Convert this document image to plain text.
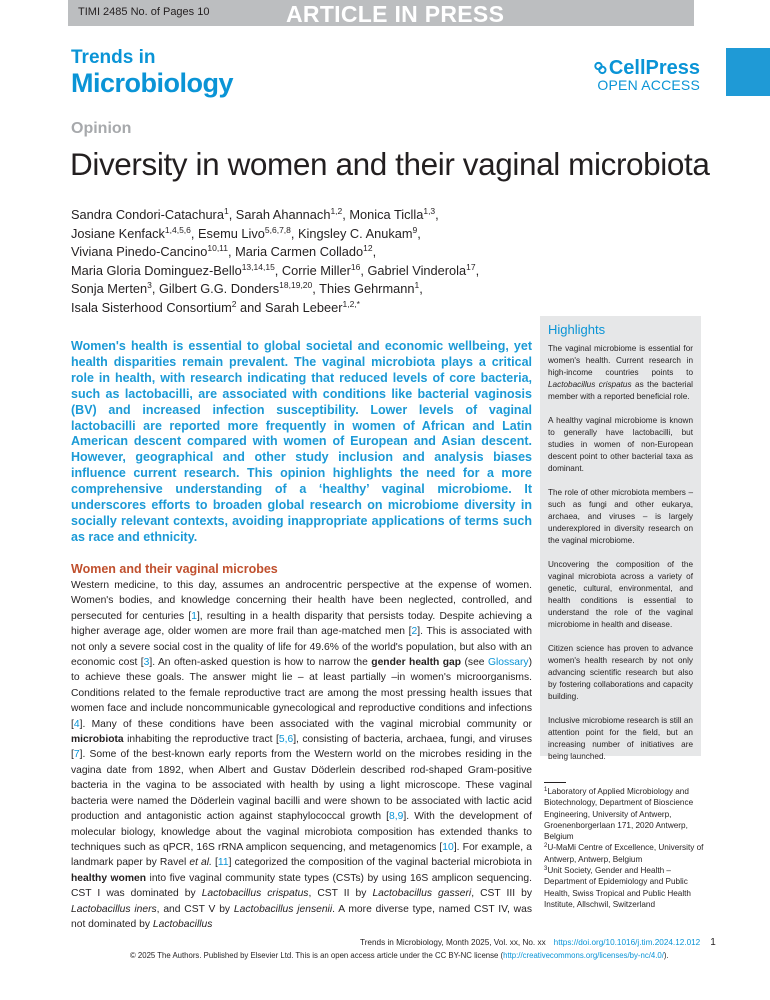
TIMI 2485 No. of Pages 10	ARTICLE IN PRESS
Trends in
Microbiology	CellPress
OPEN ACCESS
Opinion
Diversity in women and their vaginal microbiota
Sandra Condori-Catachura$^1$, Sarah Ahannach$^{1,2}$, Monica Ticlla$^{1,3}$,
Josiane Kenfack$^{1,4,5,6}$, Esemu Livo$^{5,6,7,8}$, Kingsley C. Anukam$^9$,
Viviana Pinedo-Cancino$^{10,11}$, Maria Carmen Collado$^{12}$,
Maria Gloria Dominguez-Bello$^{13,14,15}$, Corrie Miller$^{16}$, Gabriel Vinderola$^{17}$,
Sonja Merten$^3$, Gilbert G.G. Donders$^{18,19,20}$, Thies Gehrmann$^1$,
Isala Sisterhood Consortium$^2$ and Sarah Lebeer$^{1,2,*}$
Women's health is essential to global societal and economic wellbeing, yet health disparities remain prevalent. The vaginal microbiota plays a critical role in health, with research indicating that reduced levels of core bacteria, such as lactobacilli, are associated with conditions like bacterial vaginosis (BV) and increased infection susceptibility. Lower levels of vaginal lactobacilli are reported more frequently in women of African and Latin American descent compared with women of European and Asian descent. However, geographical and other study inclusion and analysis biases influence current research. This opinion highlights the need for a more comprehensive understanding of a ‘healthy’ vaginal microbiome. It underscores efforts to broaden global research on microbiome diversity in socially relevant contexts, avoiding inappropriate applications of terms such as race and ethnicity.
Highlights

The vaginal microbiome is essential for women's health. Current research in high-income countries points to Lactobacillus crispatus as the bacterial member with a reported beneficial role.

A healthy vaginal microbiome is known to generally have lactobacilli, but studies in women of non-European descent point to other bacterial taxa as dominant.

The role of other microbiota members – such as fungi and other eukarya, archaea, and viruses – is largely underexplored in diversity research on the vaginal microbiome.

Uncovering the composition of the vaginal microbiota across a variety of genetic, cultural, environmental, and health conditions is essential to understand the role of the vaginal microbiome in health and disease.

Citizen science has proven to advance women's health research by not only advancing scientific research but also by fostering collaborations and capacity building.

Inclusive microbiome research is still an attention point for the field, but an increasing number of initiatives are being launched.

Women and their vaginal microbes
Western medicine, to this day, assumes an androcentric perspective at the expense of women. Women's bodies, and knowledge concerning their health have been neglected, controlled, and persecuted for centuries [1], resulting in a health disparity that persists today. Despite achieving a higher average age, older women are more frail than age-matched men [2]. This is associated with not only a severe social cost in the quality of life for 49.6% of the world's population, but also with an economic cost [3]. An often-asked question is how to narrow the gender health gap (see Glossary) to achieve these goals. The answer might lie – at least partially –in women's microorganisms. Conditions related to the female reproductive tract are among the most pressing health issues that women face and include noncommunicable gynecological and reproductive conditions and infections [4]. Many of these conditions have been associated with the vaginal microbial community or microbiota inhabiting the reproductive tract [5,6], consisting of bacteria, archaea, fungi, and viruses [7]. Some of the best-known early reports from the Western world on the microbes residing in the vagina date from 1892, when Albert and Gustav Döderlein described rod-shaped Gram-positive bacteria in the vagina to be associated with health by using a light microscope. These vaginal bacteria were named the Döderlein vaginal bacilli and were shown to be associated with lactic acid production and antagonistic action against staphylococcal growth [8,9]. With the development of molecular biology, knowledge about the vaginal microbiota composition has extended thanks to techniques such as qPCR, 16S rRNA amplicon sequencing, and metagenomics [10]. For example, a landmark paper by Ravel et al. [11] categorized the composition of the vaginal bacterial microbiota in healthy women into five vaginal community state types (CSTs) by using 16S amplicon sequencing. CST I was dominated by Lactobacillus crispatus, CST II by Lactobacillus gasseri, CST III by Lactobacillus iners, and CST V by Lactobacillus jensenii. A more diverse type, named CST IV, was not dominated by Lactobacillus
$^1$Laboratory of Applied Microbiology and Biotechnology, Department of Bioscience Engineering, University of Antwerp, Groenenborgerlaan 171, 2020 Antwerp, Belgium
$^2$U-MaMi Centre of Excellence, University of Antwerp, Antwerp, Belgium
$^3$Unit Society, Gender and Health – Department of Epidemiology and Public Health, Swiss Tropical and Public Health Institute, Allschwil, Switzerland
Trends in Microbiology, Month 2025, Vol. xx, No. xx https://doi.org/10.1016/j.tim.2024.12.012 1
© 2025 The Authors. Published by Elsevier Ltd. This is an open access article under the CC BY-NC license (http://creativecommons.org/licenses/by-nc/4.0/).
